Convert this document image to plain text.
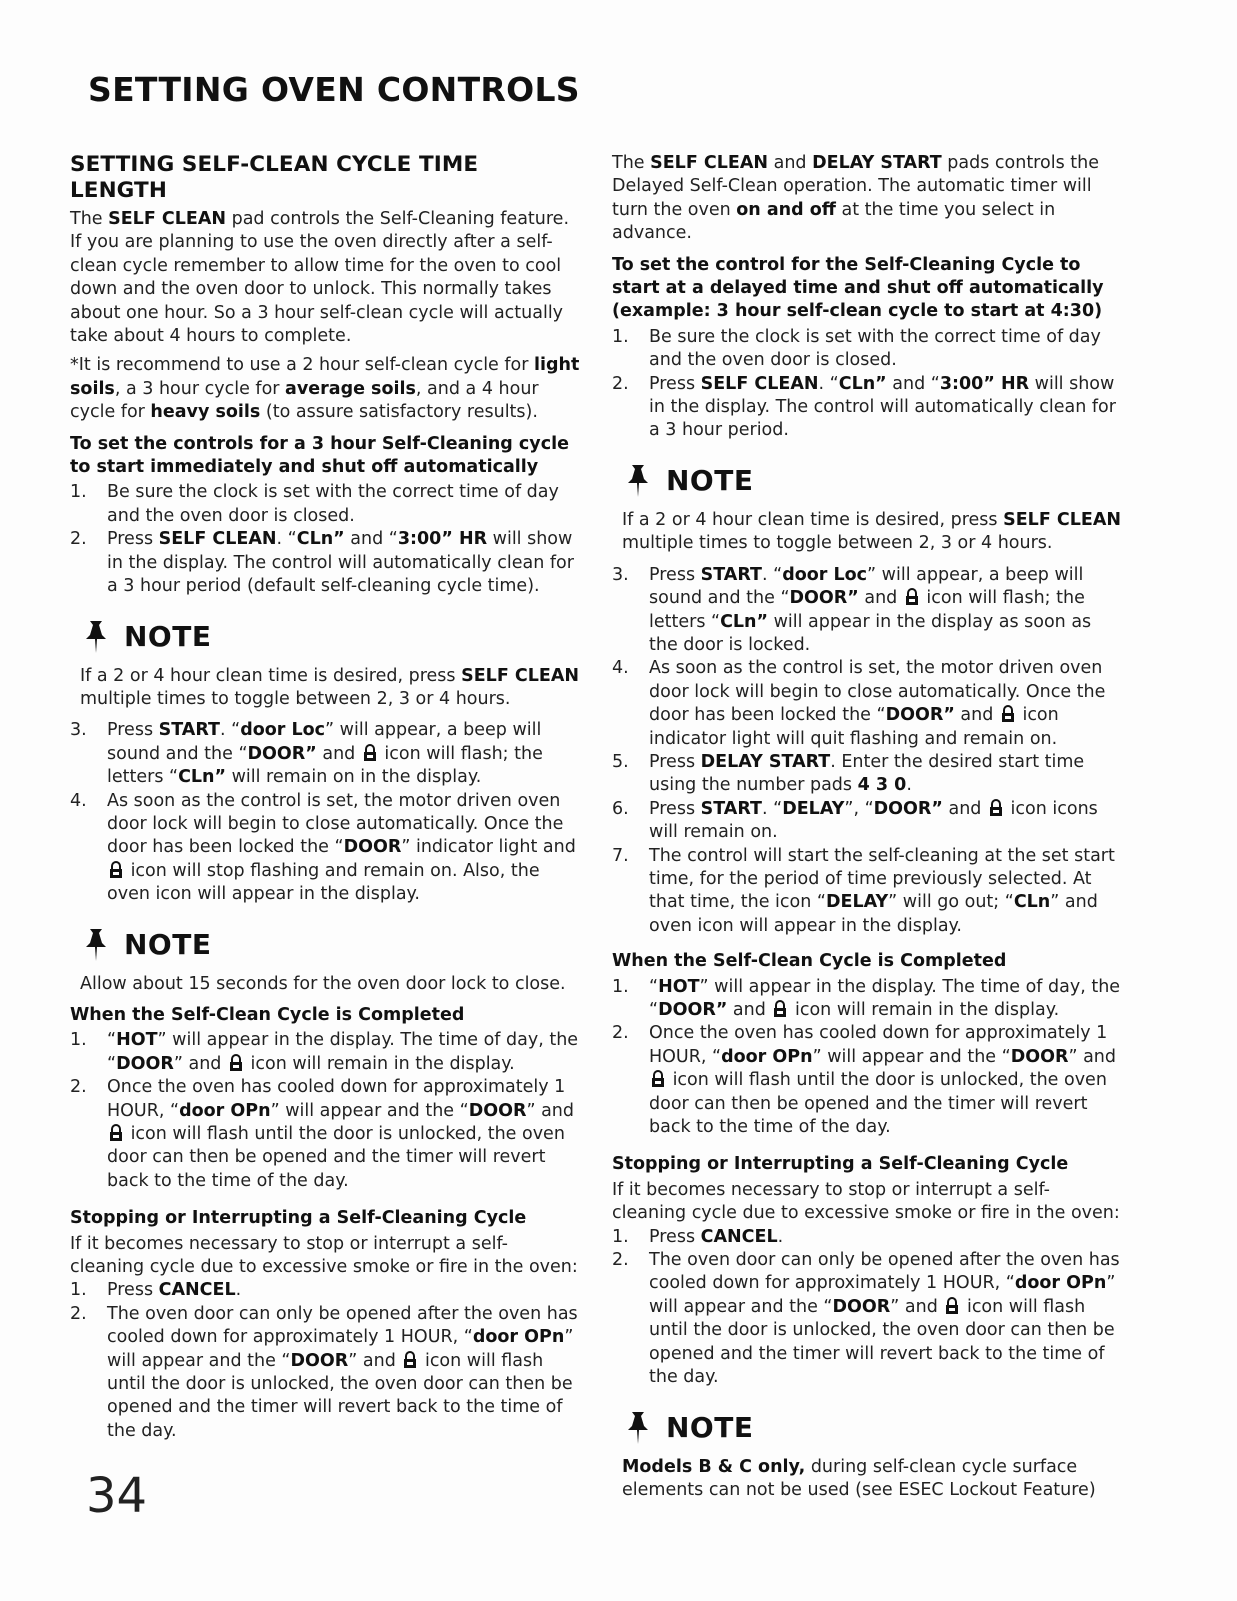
SETTING OVEN CONTROLS
SETTING SELF-CLEAN CYCLE TIME LENGTH

The SELF CLEAN pad controls the Self-Cleaning feature. If you are planning to use the oven directly after a self-clean cycle remember to allow time for the oven to cool down and the oven door to unlock. This normally takes about one hour. So a 3 hour self-clean cycle will actually take about 4 hours to complete.

*It is recommend to use a 2 hour self-clean cycle for light soils, a 3 hour cycle for average soils, and a 4 hour cycle for heavy soils (to assure satisfactory results).

To set the controls for a 3 hour Self-Cleaning cycle to start immediately and shut off automatically
1.	Be sure the clock is set with the correct time of day and the oven door is closed.
2.	Press SELF CLEAN. “CLn” and “3:00” HR will show in the display. The control will automatically clean for a 3 hour period (default self-cleaning cycle time).
NOTE

If a 2 or 4 hour clean time is desired, press SELF CLEAN multiple times to toggle between 2, 3 or 4 hours.

3.	Press START. “door Loc” will appear, a beep will sound and the “DOOR” and  icon will flash; the letters “CLn” will remain on in the display.
4.	As soon as the control is set, the motor driven oven door lock will begin to close automatically. Once the door has been locked the “DOOR” indicator light and  icon will stop flashing and remain on. Also, the oven icon will appear in the display.
NOTE

Allow about 15 seconds for the oven door lock to close.

When the Self-Clean Cycle is Completed
1.	“HOT” will appear in the display. The time of day, the “DOOR” and  icon will remain in the display.
2.	Once the oven has cooled down for approximately 1 HOUR, “door OPn” will appear and the “DOOR” and  icon will flash until the door is unlocked, the oven door can then be opened and the timer will revert back to the time of the day.
Stopping or Interrupting a Self-Cleaning Cycle

If it becomes necessary to stop or interrupt a self-cleaning cycle due to excessive smoke or fire in the oven:

1.	Press CANCEL.
2.	The oven door can only be opened after the oven has cooled down for approximately 1 HOUR, “door OPn” will appear and the “DOOR” and  icon will flash until the door is unlocked, the oven door can then be opened and the timer will revert back to the time of the day.

The SELF CLEAN and DELAY START pads controls the Delayed Self-Clean operation. The automatic timer will turn the oven on and off at the time you select in advance.

To set the control for the Self-Cleaning Cycle to start at a delayed time and shut off automatically (example: 3 hour self-clean cycle to start at 4:30)
1.	Be sure the clock is set with the correct time of day and the oven door is closed.
2.	Press SELF CLEAN. “CLn” and “3:00” HR will show in the display. The control will automatically clean for a 3 hour period.
NOTE

If a 2 or 4 hour clean time is desired, press SELF CLEAN multiple times to toggle between 2, 3 or 4 hours.

3.	Press START. “door Loc” will appear, a beep will sound and the “DOOR” and  icon will flash; the letters “CLn” will appear in the display as soon as the door is locked.
4.	As soon as the control is set, the motor driven oven door lock will begin to close automatically. Once the door has been locked the “DOOR” and  icon indicator light will quit flashing and remain on.
5.	Press DELAY START. Enter the desired start time using the number pads 4 3 0.
6.	Press START. “DELAY”, “DOOR” and  icon icons will remain on.
7.	The control will start the self-cleaning at the set start time, for the period of time previously selected. At that time, the icon “DELAY” will go out; “CLn” and oven icon will appear in the display.
When the Self-Clean Cycle is Completed
1.	“HOT” will appear in the display. The time of day, the “DOOR” and  icon will remain in the display.
2.	Once the oven has cooled down for approximately 1 HOUR, “door OPn” will appear and the “DOOR” and  icon will flash until the door is unlocked, the oven door can then be opened and the timer will revert back to the time of the day.
Stopping or Interrupting a Self-Cleaning Cycle

If it becomes necessary to stop or interrupt a self-cleaning cycle due to excessive smoke or fire in the oven:

1.	Press CANCEL.
2.	The oven door can only be opened after the oven has cooled down for approximately 1 HOUR, “door OPn” will appear and the “DOOR” and  icon will flash until the door is unlocked, the oven door can then be opened and the timer will revert back to the time of the day.
NOTE

Models B & C only, during self-clean cycle surface elements can not be used (see ESEC Lockout Feature)

34
